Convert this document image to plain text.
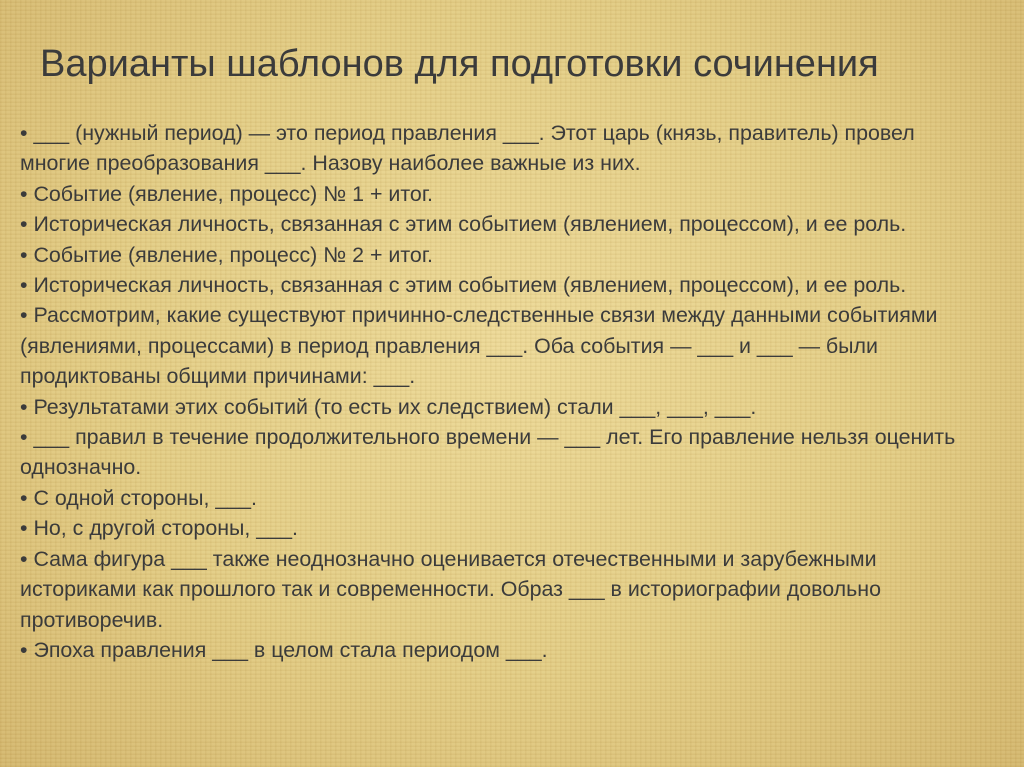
Варианты шаблонов для подготовки сочинения
• ___ (нужный период) — это период правления ___. Этот царь (князь, правитель) провел многие преобразования ___. Назову наиболее важные из них.
• Событие (явление, процесс) № 1 + итог.
• Историческая личность, связанная с этим событием (явлением, процессом), и ее роль.
• Событие (явление, процесс) № 2 + итог.
• Историческая личность, связанная с этим событием (явлением, процессом), и ее роль.
• Рассмотрим, какие существуют причинно-следственные связи между данными событиями (явлениями, процессами) в период правления ___. Оба события — ___ и ___ — были продиктованы общими причинами: ___.
• Результатами этих событий (то есть их следствием) стали ___, ___, ___.
• ___ правил в течение продолжительного времени — ___ лет. Его правление нельзя оценить однозначно.
• С одной стороны, ___.
• Но, с другой стороны, ___.
• Сама фигура ___ также неоднозначно оценивается отечественными и зарубежными историками как прошлого так и современности. Образ ___ в историографии довольно противоречив.
• Эпоха правления ___ в целом стала периодом ___.
